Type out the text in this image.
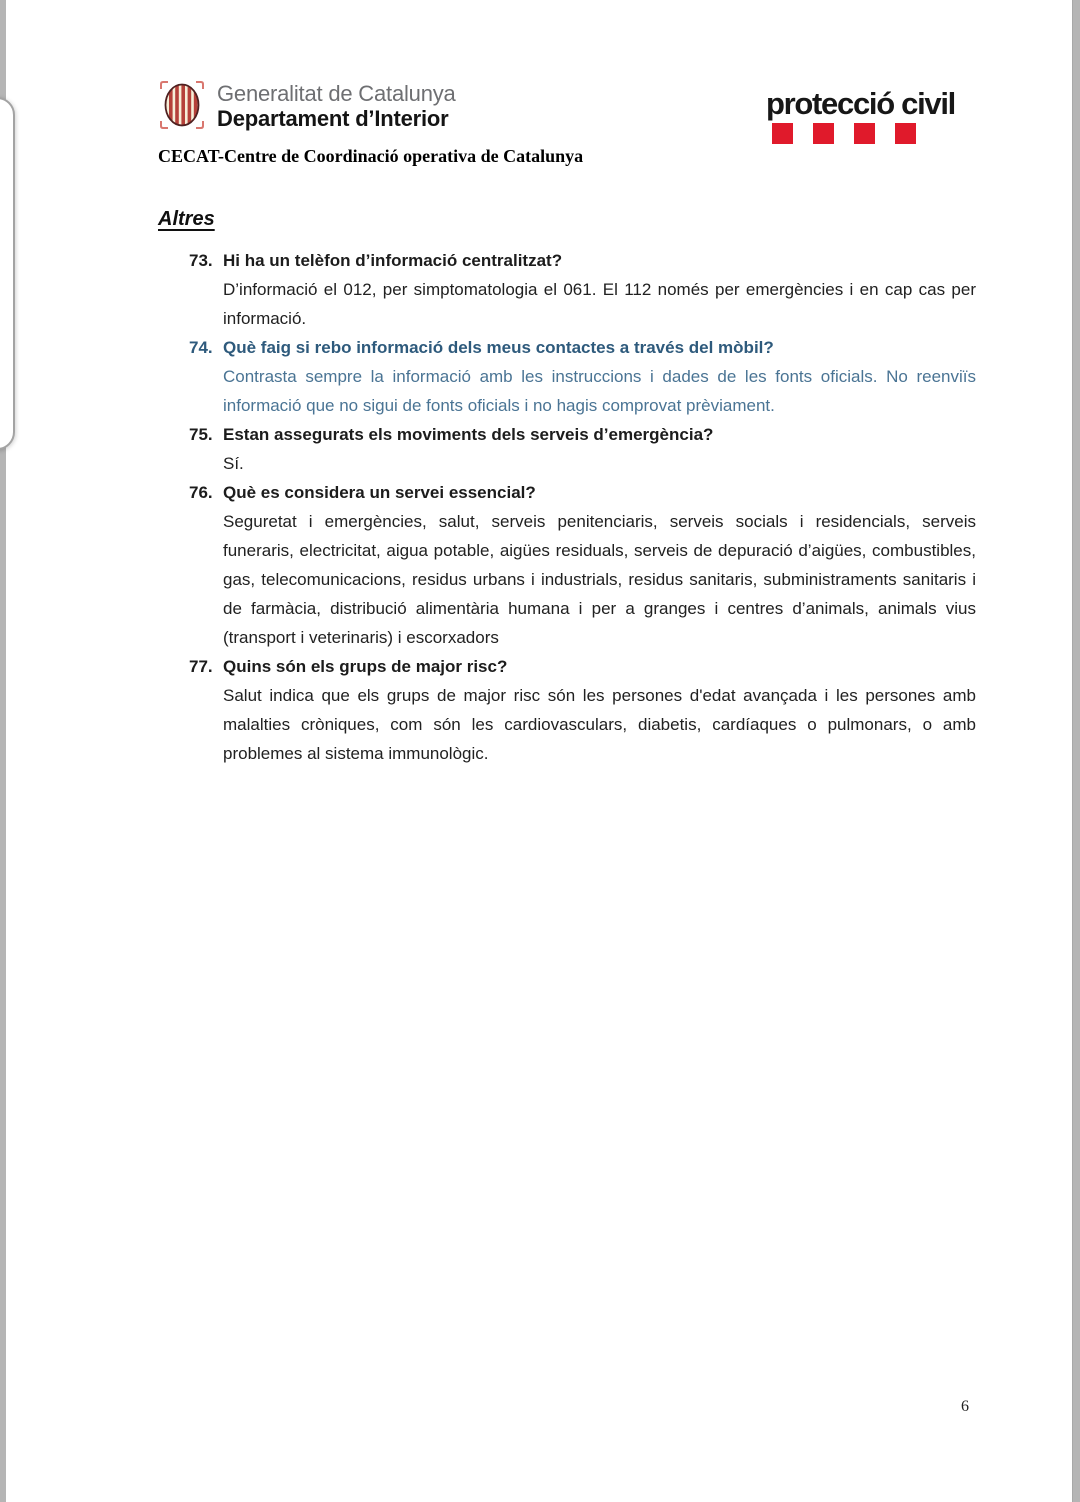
Generalitat de Catalunya
Departament d’Interior
CECAT-Centre de Coordinació operativa de Catalunya
protecció civil
Altres
73. Hi ha un telèfon d’informació centralitzat?

D’informació el 012, per simptomatologia el 061. El 112 només per emergències i en cap cas per informació.

74. Què faig si rebo informació dels meus contactes a través del mòbil?

Contrasta sempre la informació amb les instruccions i dades de les fonts oficials. No reenviïs informació que no sigui de fonts oficials i no hagis comprovat prèviament.

75. Estan assegurats els moviments dels serveis d’emergència?

Sí.

76. Què es considera un servei essencial?

Seguretat i emergències, salut, serveis penitenciaris, serveis socials i residencials, serveis funeraris, electricitat, aigua potable, aigües residuals, serveis de depuració d’aigües, combustibles, gas, telecomunicacions, residus urbans i industrials, residus sanitaris, subministraments sanitaris i de farmàcia, distribució alimentària humana i per a granges i centres d’animals, animals vius (transport i veterinaris) i escorxadors

77. Quins són els grups de major risc?

Salut indica que els grups de major risc són les persones d'edat avançada i les persones amb malalties cròniques, com són les cardiovasculars, diabetis, cardíaques o pulmonars, o amb problemes al sistema immunològic.

6
